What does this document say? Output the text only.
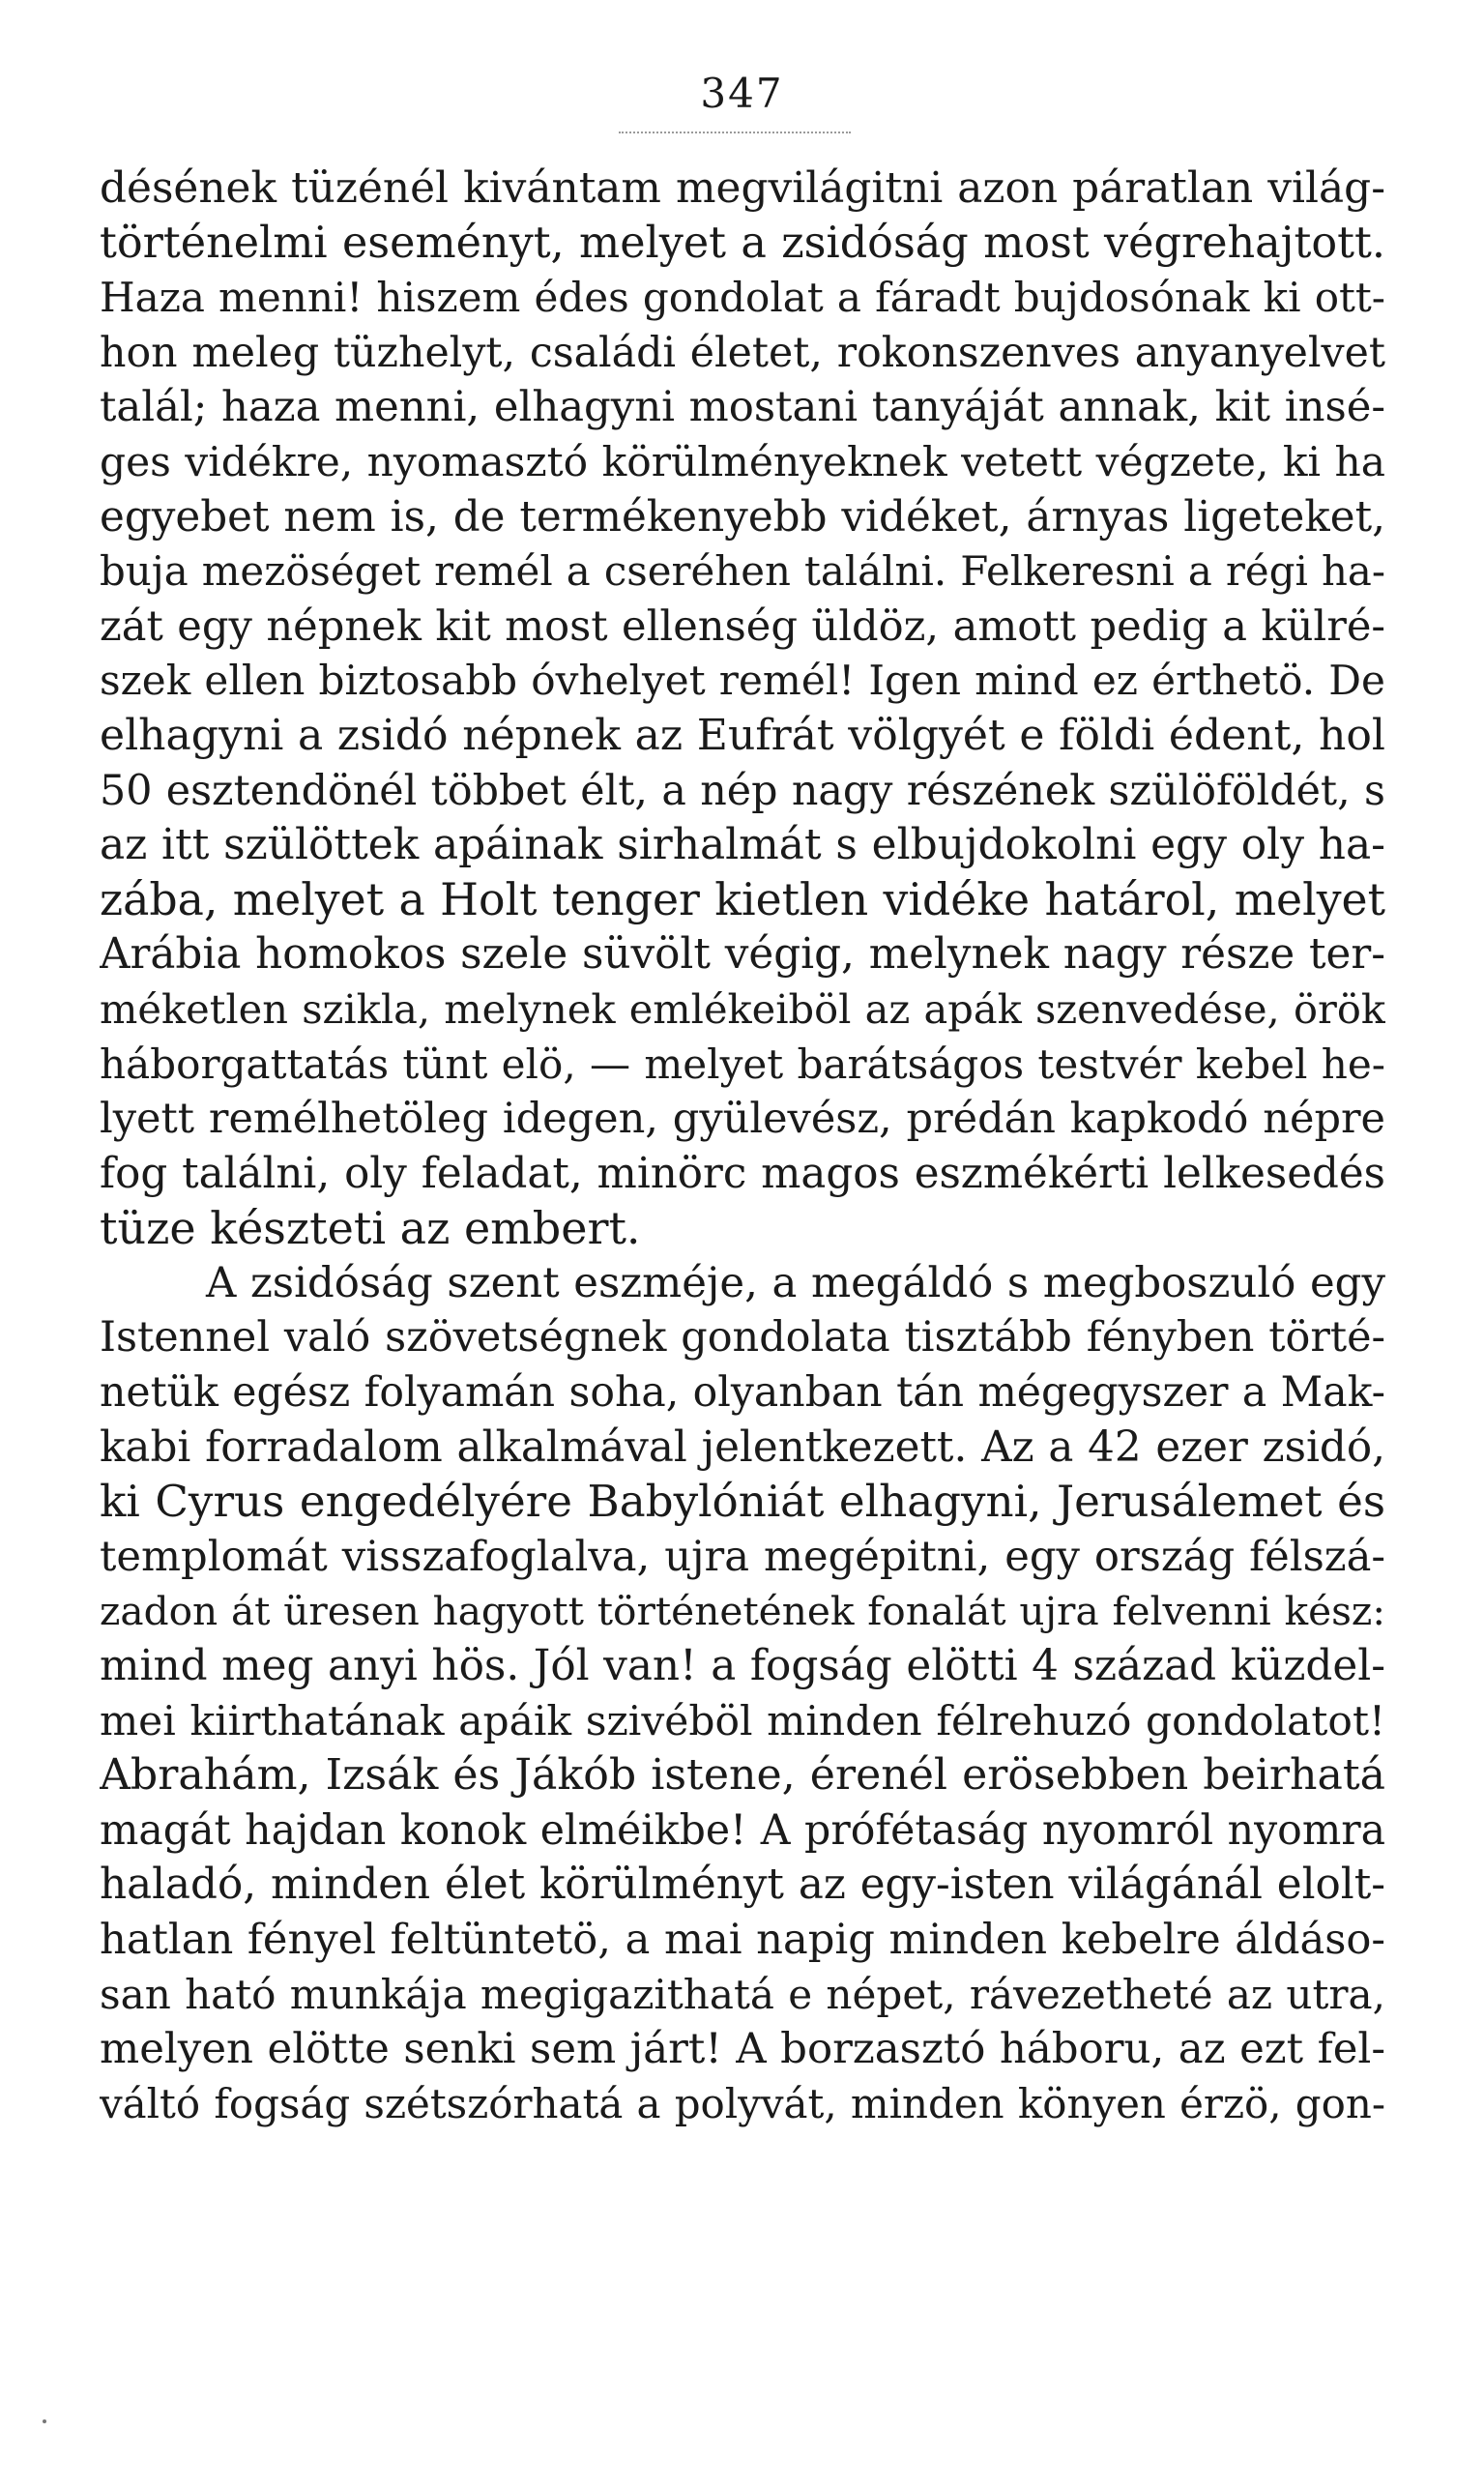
347
désének tüzénél kivántam megvilágitni azon páratlan világ-
történelmi eseményt, melyet a zsidóság most végrehajtott.
Haza menni! hiszem édes gondolat a fáradt bujdosónak ki ott-
hon meleg tüzhelyt, családi életet, rokonszenves anyanyelvet
talál; haza menni, elhagyni mostani tanyáját annak, kit insé-
ges vidékre, nyomasztó körülményeknek vetett végzete, ki ha
egyebet nem is, de termékenyebb vidéket, árnyas ligeteket,
buja mezöséget remél a cseréhen találni. Felkeresni a régi ha-
zát egy népnek kit most ellenség üldöz, amott pedig a külré-
szek ellen biztosabb óvhelyet remél! Igen mind ez érthetö. De
elhagyni a zsidó népnek az Eufrát völgyét e földi édent, hol
50 esztendönél többet élt, a nép nagy részének szülöföldét, s
az itt szülöttek apáinak sirhalmát s elbujdokolni egy oly ha-
zába, melyet a Holt tenger kietlen vidéke határol, melyet
Arábia homokos szele süvölt végig, melynek nagy része ter-
méketlen szikla, melynek emlékeiböl az apák szenvedése, örök
háborgattatás tünt elö, — melyet barátságos testvér kebel he-
lyett remélhetöleg idegen, gyülevész, prédán kapkodó népre
fog találni, oly feladat, minörc magos eszmékérti lelkesedés
tüze készteti az embert.
A zsidóság szent eszméje, a megáldó s megboszuló egy
Istennel való szövetségnek gondolata tisztább fényben törté-
netük egész folyamán soha, olyanban tán mégegyszer a Mak-
kabi forradalom alkalmával jelentkezett. Az a 42 ezer zsidó,
ki Cyrus engedélyére Babylóniát elhagyni, Jerusálemet és
templomát visszafoglalva, ujra megépitni, egy ország félszá-
zadon át üresen hagyott történetének fonalát ujra felvenni kész:
mind meg anyi hös. Jól van! a fogság elötti 4 század küzdel-
mei kiirthatának apáik szivéböl minden félrehuzó gondolatot!
Abrahám, Izsák és Jákób istene, érenél erösebben beirhatá
magát hajdan konok elméikbe! A prófétaság nyomról nyomra
haladó, minden élet körülményt az egy-isten világánál elolt-
hatlan fényel feltüntetö, a mai napig minden kebelre áldáso-
san ható munkája megigazithatá e népet, rávezetheté az utra,
melyen elötte senki sem járt! A borzasztó háboru, az ezt fel-
váltó fogság szétszórhatá a polyvát, minden könyen érzö, gon-
